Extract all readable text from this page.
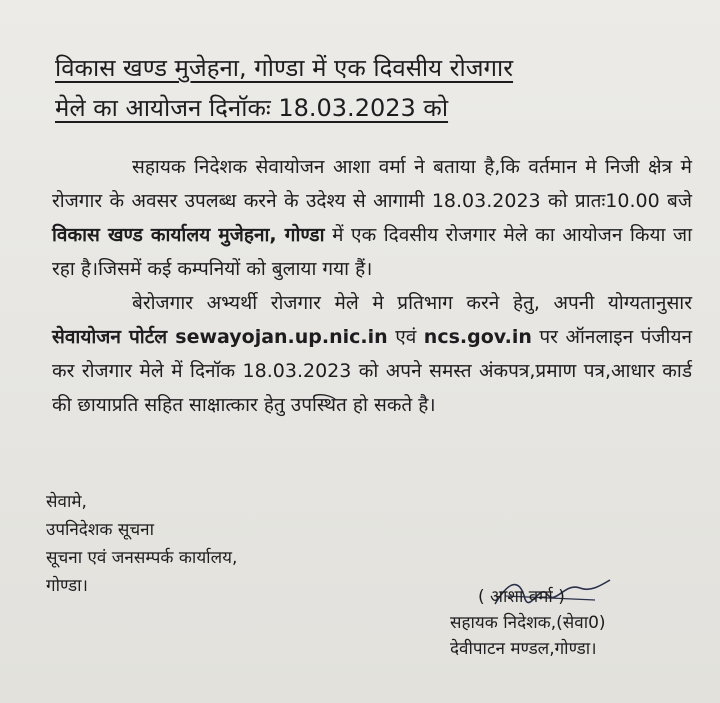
विकास खण्ड मुजेहना, गोण्डा में एक दिवसीय रोजगार
मेले का आयोजन दिनॉकः 18.03.2023 को

सहायक निदेशक सेवायोजन आशा वर्मा ने बताया है,कि वर्तमान मे निजी क्षेत्र मे रोजगार के अवसर उपलब्ध करने के उदेश्य से आगामी 18.03.2023 को प्रातः10.00 बजे विकास खण्ड कार्यालय मुजेहना, गोण्डा में एक दिवसीय रोजगार मेले का आयोजन किया जा रहा है।जिसमें कई कम्पनियों को बुलाया गया हैं।

बेरोजगार अभ्यर्थी रोजगार मेले मे प्रतिभाग करने हेतु, अपनी योग्यतानुसार सेवायोजन पोर्टल sewayojan.up.nic.in एवं ncs.gov.in पर ऑनलाइन पंजीयन कर रोजगार मेले में दिनॉक 18.03.2023 को अपने समस्त अंकपत्र,प्रमाण पत्र,आधार कार्ड की छायाप्रति सहित साक्षात्कार हेतु उपस्थित हो सकते है।

सेवामे,
उपनिदेशक सूचना
सूचना एवं जनसम्पर्क कार्यालय,
गोण्डा।
( आशा वर्मा )
सहायक निदेशक,(सेवा0)
देवीपाटन मण्डल,गोण्डा।
